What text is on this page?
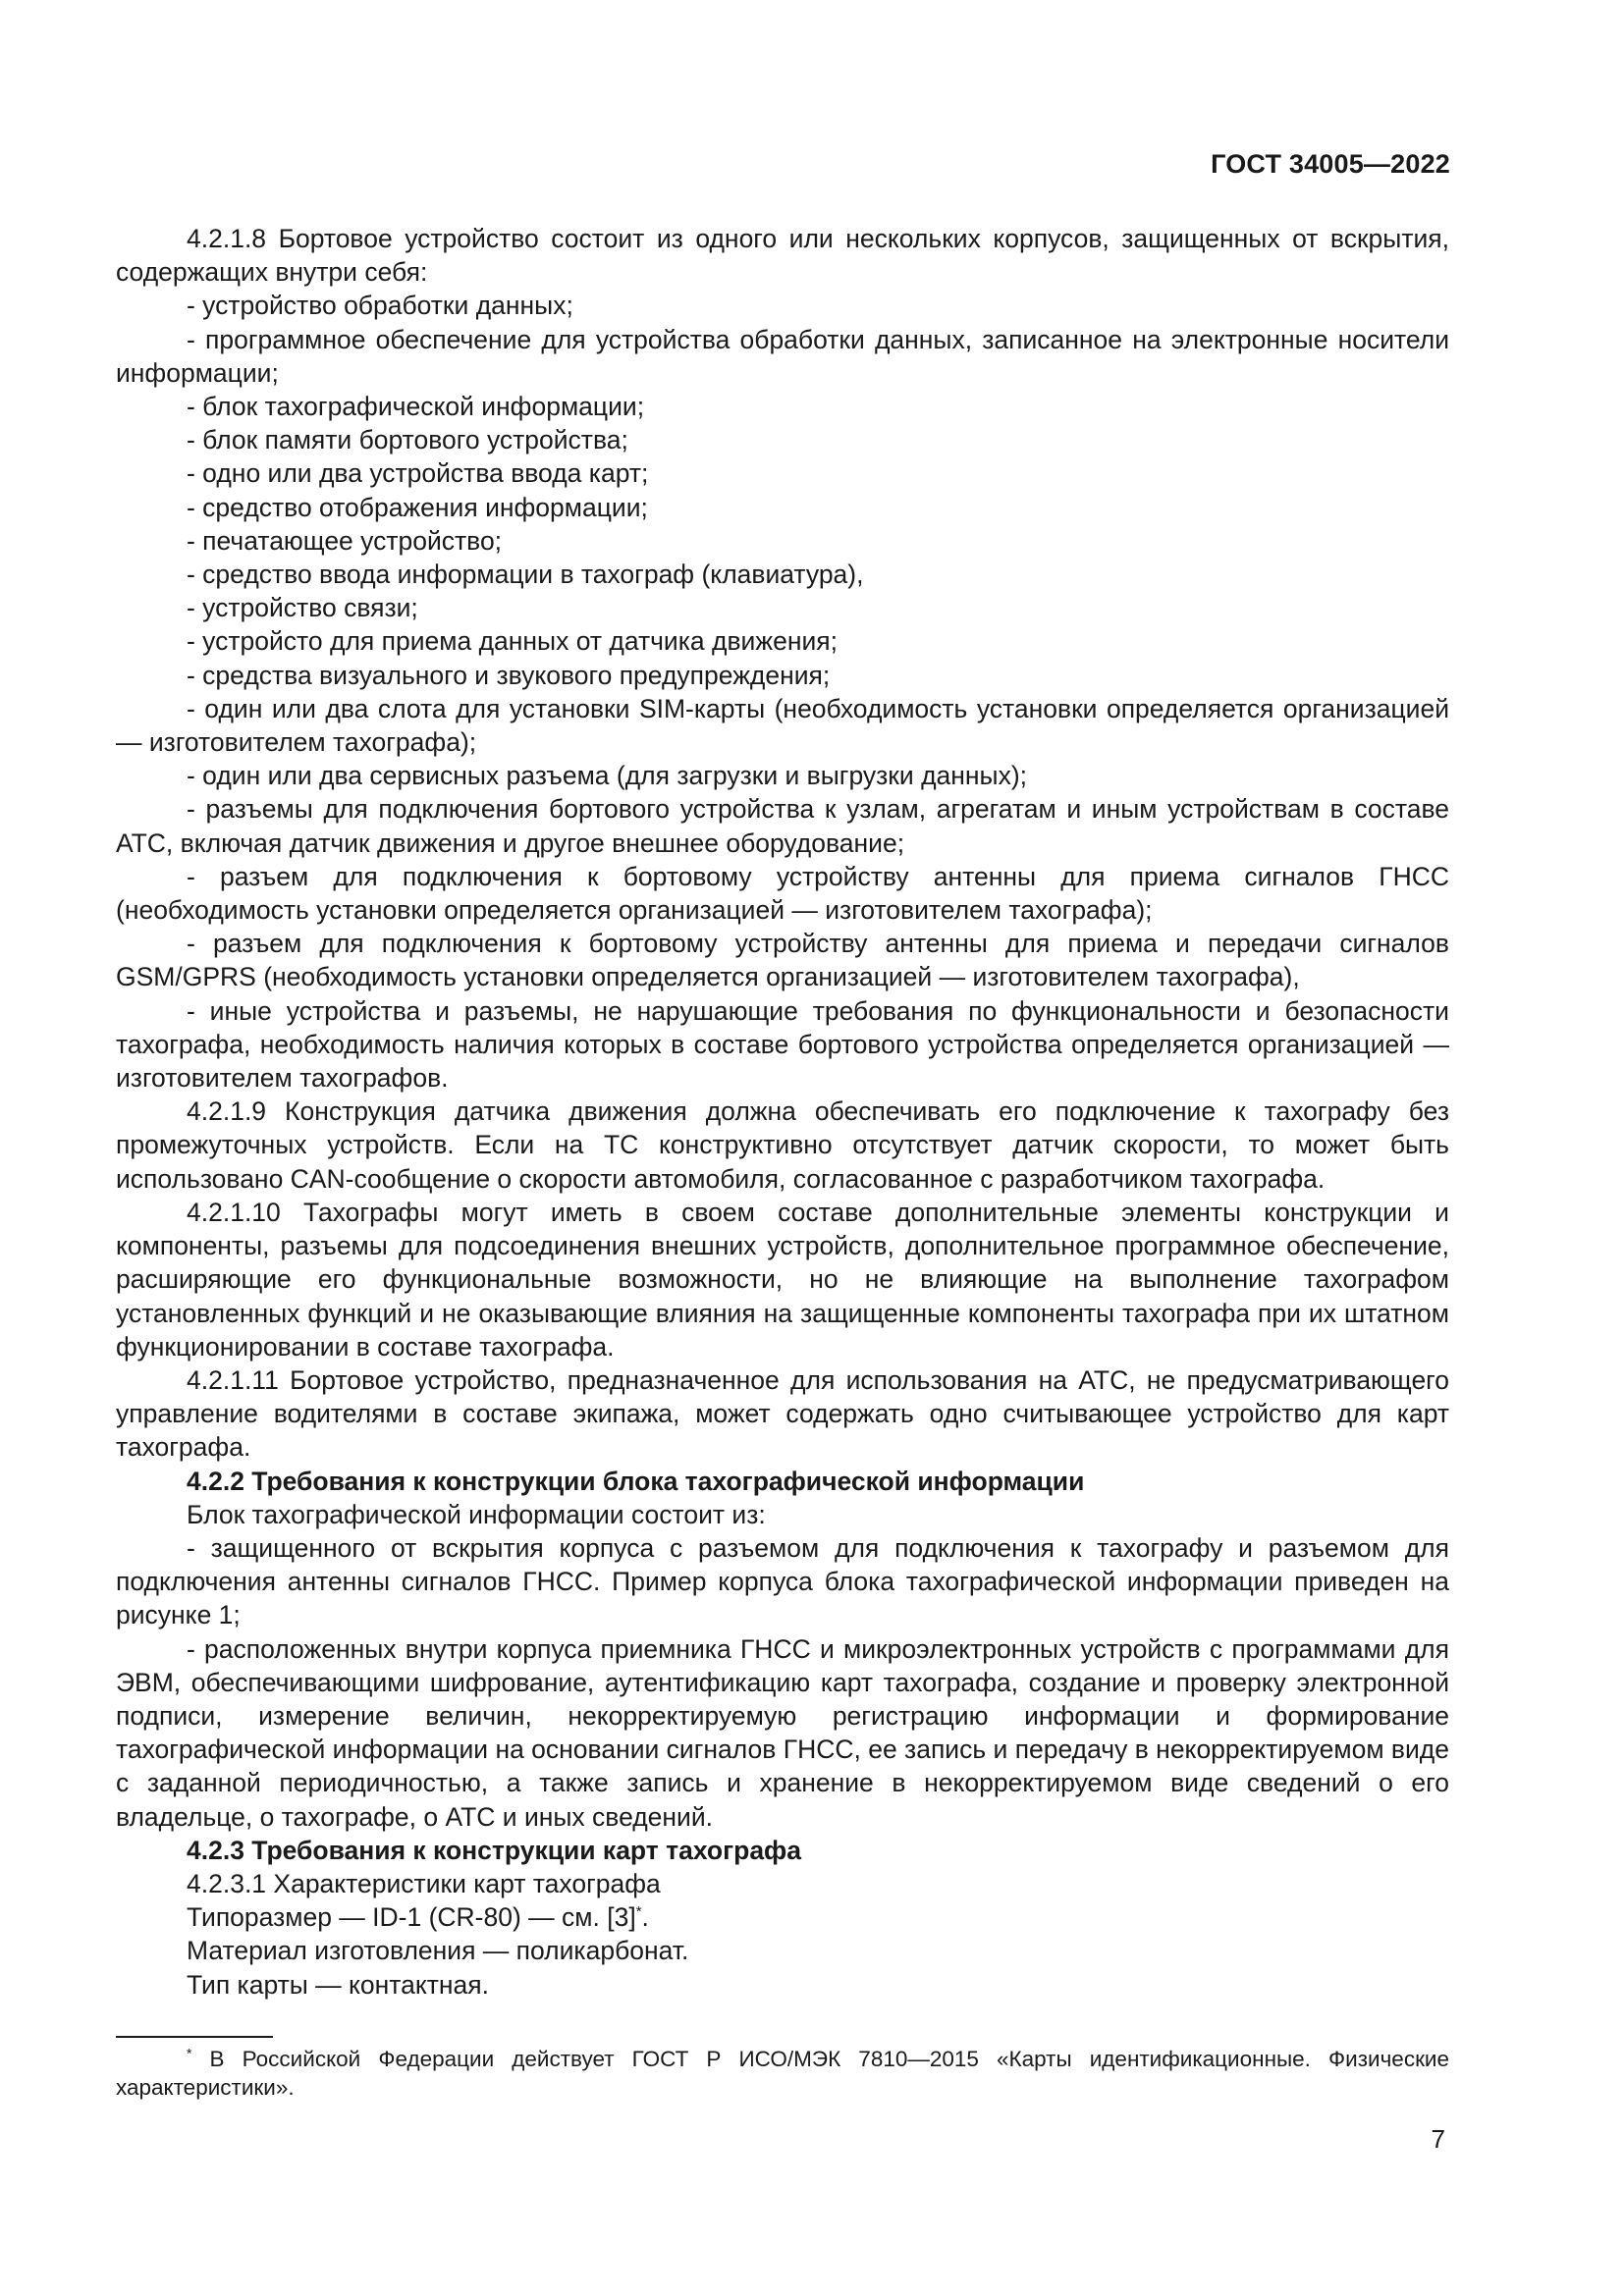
ГОСТ 34005—2022

4.2.1.8 Бортовое устройство состоит из одного или нескольких корпусов, защищенных от вскрытия, содержащих внутри себя:

- устройство обработки данных;

- программное обеспечение для устройства обработки данных, записанное на электронные носители информации;

- блок тахографической информации;

- блок памяти бортового устройства;

- одно или два устройства ввода карт;

- средство отображения информации;

- печатающее устройство;

- средство ввода информации в тахограф (клавиатура),

- устройство связи;

- устройсто для приема данных от датчика движения;

- средства визуального и звукового предупреждения;

- один или два слота для установки SIM-карты (необходимость установки определяется организацией — изготовителем тахографа);

- один или два сервисных разъема (для загрузки и выгрузки данных);

- разъемы для подключения бортового устройства к узлам, агрегатам и иным устройствам в составе АТС, включая датчик движения и другое внешнее оборудование;

- разъем для подключения к бортовому устройству антенны для приема сигналов ГНСС (необходимость установки определяется организацией — изготовителем тахографа);

- разъем для подключения к бортовому устройству антенны для приема и передачи сигналов GSM/GPRS (необходимость установки определяется организацией — изготовителем тахографа),

- иные устройства и разъемы, не нарушающие требования по функциональности и безопасности тахографа, необходимость наличия которых в составе бортового устройства определяется организацией — изготовителем тахографов.

4.2.1.9 Конструкция датчика движения должна обеспечивать его подключение к тахографу без промежуточных устройств. Если на ТС конструктивно отсутствует датчик скорости, то может быть использовано CAN-сообщение о скорости автомобиля, согласованное с разработчиком тахографа.

4.2.1.10 Тахографы могут иметь в своем составе дополнительные элементы конструкции и компоненты, разъемы для подсоединения внешних устройств, дополнительное программное обеспечение, расширяющие его функциональные возможности, но не влияющие на выполнение тахографом установленных функций и не оказывающие влияния на защищенные компоненты тахографа при их штатном функционировании в составе тахографа.

4.2.1.11 Бортовое устройство, предназначенное для использования на АТС, не предусматривающего управление водителями в составе экипажа, может содержать одно считывающее устройство для карт тахографа.

4.2.2 Требования к конструкции блока тахографической информации

Блок тахографической информации состоит из:

- защищенного от вскрытия корпуса с разъемом для подключения к тахографу и разъемом для подключения антенны сигналов ГНСС. Пример корпуса блока тахографической информации приведен на рисунке 1;

- расположенных внутри корпуса приемника ГНСС и микроэлектронных устройств с программами для ЭВМ, обеспечивающими шифрование, аутентификацию карт тахографа, создание и проверку электронной подписи, измерение величин, некорректируемую регистрацию информации и формирование тахографической информации на основании сигналов ГНСС, ее запись и передачу в некорректируемом виде с заданной периодичностью, а также запись и хранение в некорректируемом виде сведений о его владельце, о тахографе, о АТС и иных сведений.

4.2.3 Требования к конструкции карт тахографа

4.2.3.1 Характеристики карт тахографа

Типоразмер — ID-1 (CR-80) — см. [3]*.

Материал изготовления — поликарбонат.

Тип карты — контактная.

* В Российской Федерации действует ГОСТ Р ИСО/МЭК 7810—2015 «Карты идентификационные. Физические характеристики».
7
